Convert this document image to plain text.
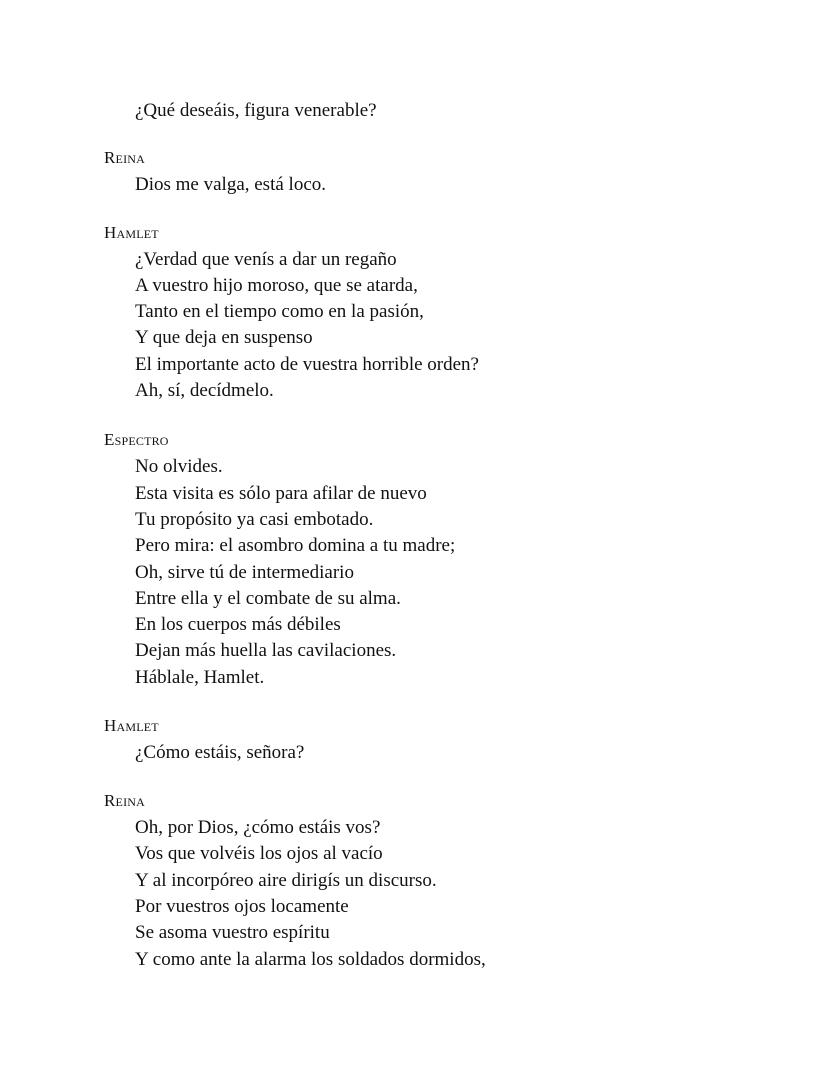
¿Qué deseáis, figura venerable?
Reina
Dios me valga, está loco.
Hamlet
¿Verdad que venís a dar un regaño
A vuestro hijo moroso, que se atarda,
Tanto en el tiempo como en la pasión,
Y que deja en suspenso
El importante acto de vuestra horrible orden?
Ah, sí, decídmelo.
Espectro
No olvides.
Esta visita es sólo para afilar de nuevo
Tu propósito ya casi embotado.
Pero mira: el asombro domina a tu madre;
Oh, sirve tú de intermediario
Entre ella y el combate de su alma.
En los cuerpos más débiles
Dejan más huella las cavilaciones.
Háblale, Hamlet.
Hamlet
¿Cómo estáis, señora?
Reina
Oh, por Dios, ¿cómo estáis vos?
Vos que volvéis los ojos al vacío
Y al incorpóreo aire dirigís un discurso.
Por vuestros ojos locamente
Se asoma vuestro espíritu
Y como ante la alarma los soldados dormidos,
